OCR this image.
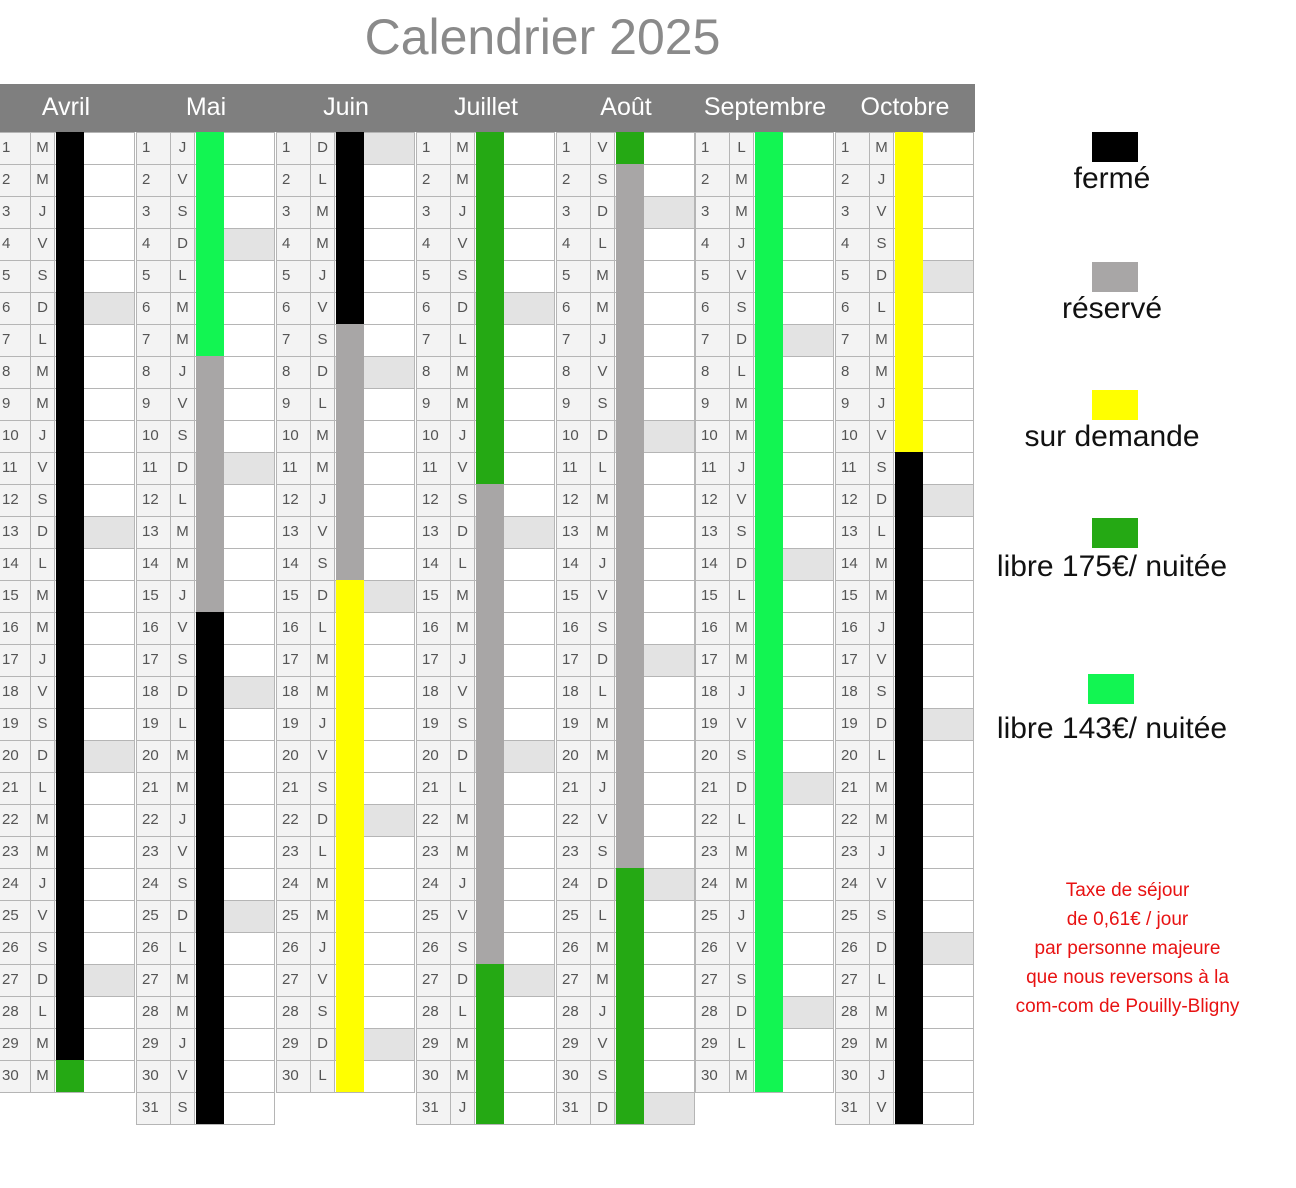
Calendrier 2025
Avril
1	M
2	M
3	J
4	V
5	S
6	D
7	L
8	M
9	M
10	J
11	V
12	S
13	D
14	L
15	M
16	M
17	J
18	V
19	S
20	D
21	L
22	M
23	M
24	J
25	V
26	S
27	D
28	L
29	M
30	M
Mai
1	J
2	V
3	S
4	D
5	L
6	M
7	M
8	J
9	V
10	S
11	D
12	L
13	M
14	M
15	J
16	V
17	S
18	D
19	L
20	M
21	M
22	J
23	V
24	S
25	D
26	L
27	M
28	M
29	J
30	V
31	S
Juin
1	D
2	L
3	M
4	M
5	J
6	V
7	S
8	D
9	L
10	M
11	M
12	J
13	V
14	S
15	D
16	L
17	M
18	M
19	J
20	V
21	S
22	D
23	L
24	M
25	M
26	J
27	V
28	S
29	D
30	L
Juillet
1	M
2	M
3	J
4	V
5	S
6	D
7	L
8	M
9	M
10	J
11	V
12	S
13	D
14	L
15	M
16	M
17	J
18	V
19	S
20	D
21	L
22	M
23	M
24	J
25	V
26	S
27	D
28	L
29	M
30	M
31	J
Août
1	V
2	S
3	D
4	L
5	M
6	M
7	J
8	V
9	S
10	D
11	L
12	M
13	M
14	J
15	V
16	S
17	D
18	L
19	M
20	M
21	J
22	V
23	S
24	D
25	L
26	M
27	M
28	J
29	V
30	S
31	D
Septembre
1	L
2	M
3	M
4	J
5	V
6	S
7	D
8	L
9	M
10	M
11	J
12	V
13	S
14	D
15	L
16	M
17	M
18	J
19	V
20	S
21	D
22	L
23	M
24	M
25	J
26	V
27	S
28	D
29	L
30	M
Octobre
1	M
2	J
3	V
4	S
5	D
6	L
7	M
8	M
9	J
10	V
11	S
12	D
13	L
14	M
15	M
16	J
17	V
18	S
19	D
20	L
21	M
22	M
23	J
24	V
25	S
26	D
27	L
28	M
29	M
30	J
31	V
fermé
réservé
sur demande
libre 175€/ nuitée
libre 143€/ nuitée
Taxe de séjour
de 0,61€ / jour
par personne majeure
que nous reversons à la
com-com de Pouilly-Bligny
